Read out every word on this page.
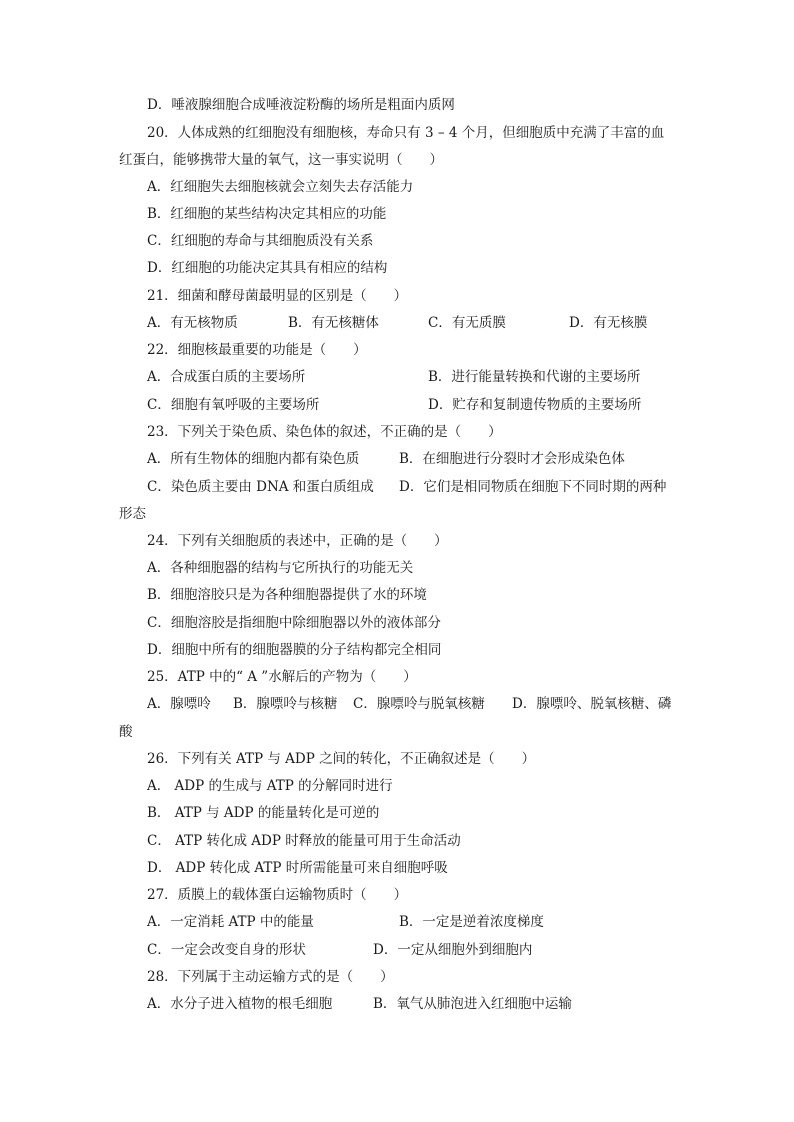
D．唾液腺细胞合成唾液淀粉酶的场所是粗面内质网
20．人体成熟的红细胞没有细胞核，寿命只有 3 – 4 个月，但细胞质中充满了丰富的血
红蛋白，能够携带大量的氧气，这一事实说明（　　）
A．红细胞失去细胞核就会立刻失去存活能力
B．红细胞的某些结构决定其相应的功能
C．红细胞的寿命与其细胞质没有关系
D．红细胞的功能决定其具有相应的结构
21．细菌和酵母菌最明显的区别是（　　）
A．有无核物质	B．有无核糖体	C．有无质膜	D．有无核膜
22．细胞核最重要的功能是（　　）
A．合成蛋白质的主要场所	B．进行能量转换和代谢的主要场所
C．细胞有氧呼吸的主要场所	D．贮存和复制遗传物质的主要场所
23．下列关于染色质、染色体的叙述，不正确的是（　　）
A．所有生物体的细胞内都有染色质	B．在细胞进行分裂时才会形成染色体
C．染色质主要由 DNA 和蛋白质组成 D．它们是相同物质在细胞下不同时期的两种
形态
24．下列有关细胞质的表述中，正确的是（　　）
A．各种细胞器的结构与它所执行的功能无关
B．细胞溶胶只是为各种细胞器提供了水的环境
C．细胞溶胶是指细胞中除细胞器以外的液体部分
D．细胞中所有的细胞器膜的分子结构都完全相同
25．ATP 中的“ A ”水解后的产物为（　　）
A．腺嘌呤 B．腺嘌呤与核糖 C．腺嘌呤与脱氧核糖 D．腺嘌呤、脱氧核糖、磷
酸
26．下列有关 ATP 与 ADP 之间的转化，不正确叙述是（　　）
A． ADP 的生成与 ATP 的分解同时进行
B． ATP 与 ADP 的能量转化是可逆的
C． ATP 转化成 ADP 时释放的能量可用于生命活动
D． ADP 转化成 ATP 时所需能量可来自细胞呼吸
27．质膜上的载体蛋白运输物质时（　　）
A．一定消耗 ATP 中的能量	B．一定是逆着浓度梯度
C．一定会改变自身的形状	D．一定从细胞外到细胞内
28．下列属于主动运输方式的是（　　）
A．水分子进入植物的根毛细胞	B．氧气从肺泡进入红细胞中运输
